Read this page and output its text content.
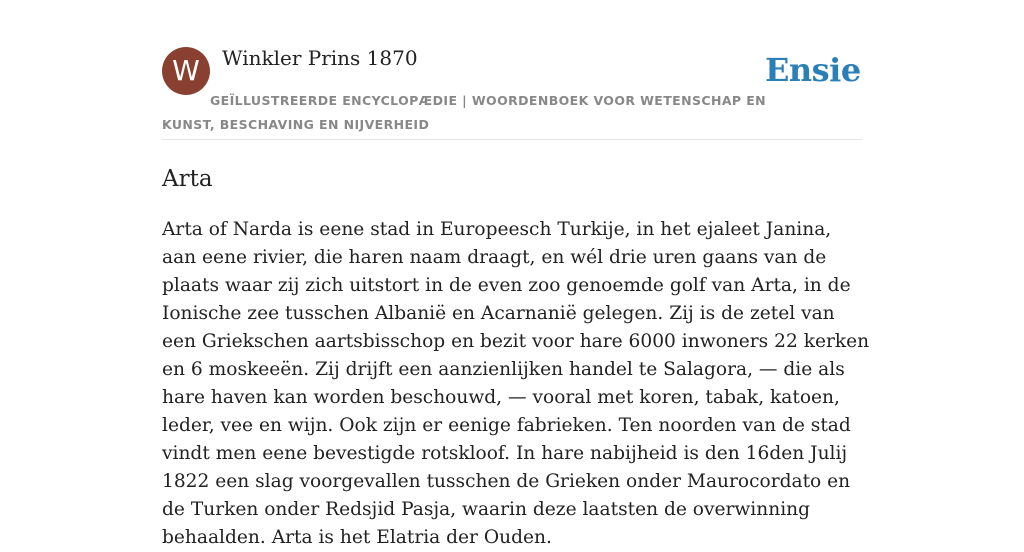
W	Winkler Prins 1870	Ensie
GEÏLLUSTREERDE ENCYCLOPÆDIE | WOORDENBOEK VOOR WETENSCHAP EN KUNST, BESCHAVING EN NIJVERHEID
Arta

Arta of Narda is eene stad in Europeesch Turkije, in het ejaleet Janina, aan eene rivier, die haren naam draagt, en wél drie uren gaans van de plaats waar zij zich uitstort in de even zoo genoemde golf van Arta, in de Ionische zee tusschen Albanië en Acarnanië gelegen. Zij is de zetel van een Griekschen aartsbisschop en bezit voor hare 6000 inwoners 22 kerken en 6 moskeeën. Zij drijft een aanzienlijken handel te Salagora, — die als hare haven kan worden beschouwd, — vooral met koren, tabak, katoen, leder, vee en wijn. Ook zijn er eenige fabrieken. Ten noorden van de stad vindt men eene bevestigde rotskloof. In hare nabijheid is den 16den Julij 1822 een slag voorgevallen tusschen de Grieken onder Maurocordato en de Turken onder Redsjid Pasja, waarin deze laatsten de overwinning behaalden. Arta is het Elatria der Ouden.
